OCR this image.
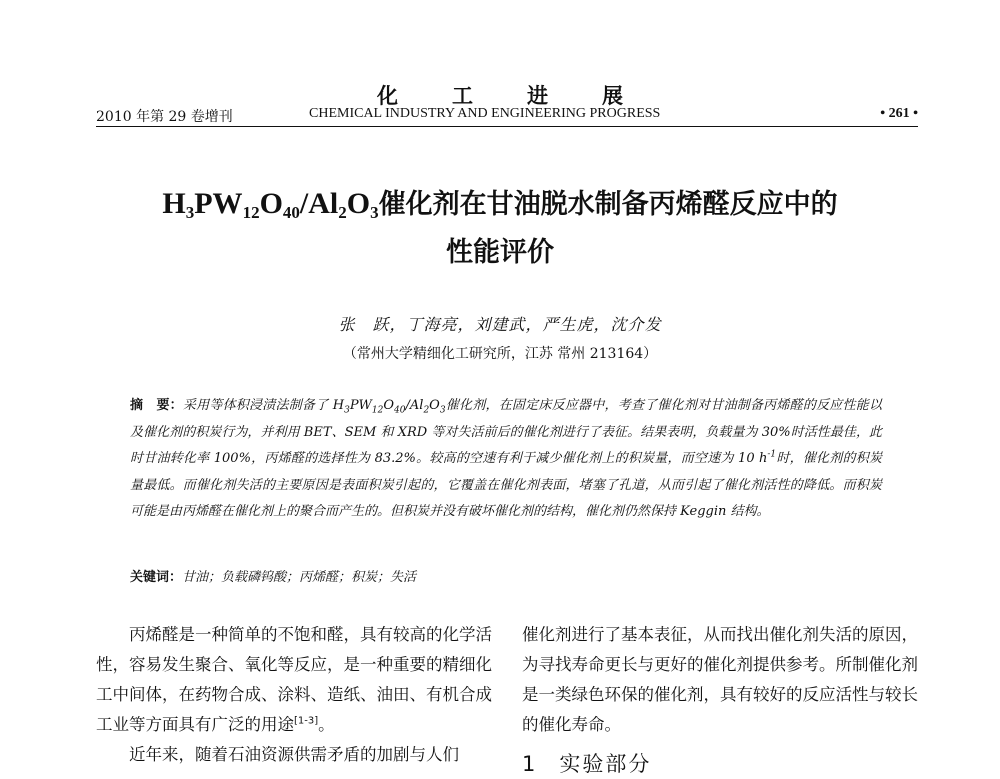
化	工	进	展
2010 年第 29 卷增刊	CHEMICAL INDUSTRY AND ENGINEERING PROGRESS	• 261 •
$H_3PW_{12}O_{40}/Al_2O_3$催化剂在甘油脱水制备丙烯醛反应中的
性能评价
张　跃，丁海亮，刘建武，严生虎，沈介发
（常州大学精细化工研究所，江苏 常州 213164）
摘　要：采用等体积浸渍法制备了 $H_3PW_{12}O_{40}/Al_2O_3$催化剂，在固定床反应器中，考查了催化剂对甘油制备丙烯醛的反应性能以及催化剂的积炭行为，并利用 BET、SEM 和 XRD 等对失活前后的催化剂进行了表征。结果表明，负载量为 30%时活性最佳，此时甘油转化率 100%，丙烯醛的选择性为 83.2%。较高的空速有利于减少催化剂上的积炭量，而空速为 10 $h^{-1}$时，催化剂的积炭量最低。而催化剂失活的主要原因是表面积炭引起的，它覆盖在催化剂表面，堵塞了孔道，从而引起了催化剂活性的降低。而积炭可能是由丙烯醛在催化剂上的聚合而产生的。但积炭并没有破坏催化剂的结构，催化剂仍然保持 Keggin 结构。
关键词：甘油；负载磷钨酸；丙烯醛；积炭；失活

丙烯醛是一种简单的不饱和醛，具有较高的化学活性，容易发生聚合、氧化等反应，是一种重要的精细化工中间体，在药物合成、涂料、造纸、油田、有机合成工业等方面具有广泛的用途[1-3]。

近年来，随着石油资源供需矛盾的加剧与人们

催化剂进行了基本表征，从而找出催化剂失活的原因，为寻找寿命更长与更好的催化剂提供参考。所制催化剂是一类绿色环保的催化剂，具有较好的反应活性与较长的催化寿命。

1 实验部分
